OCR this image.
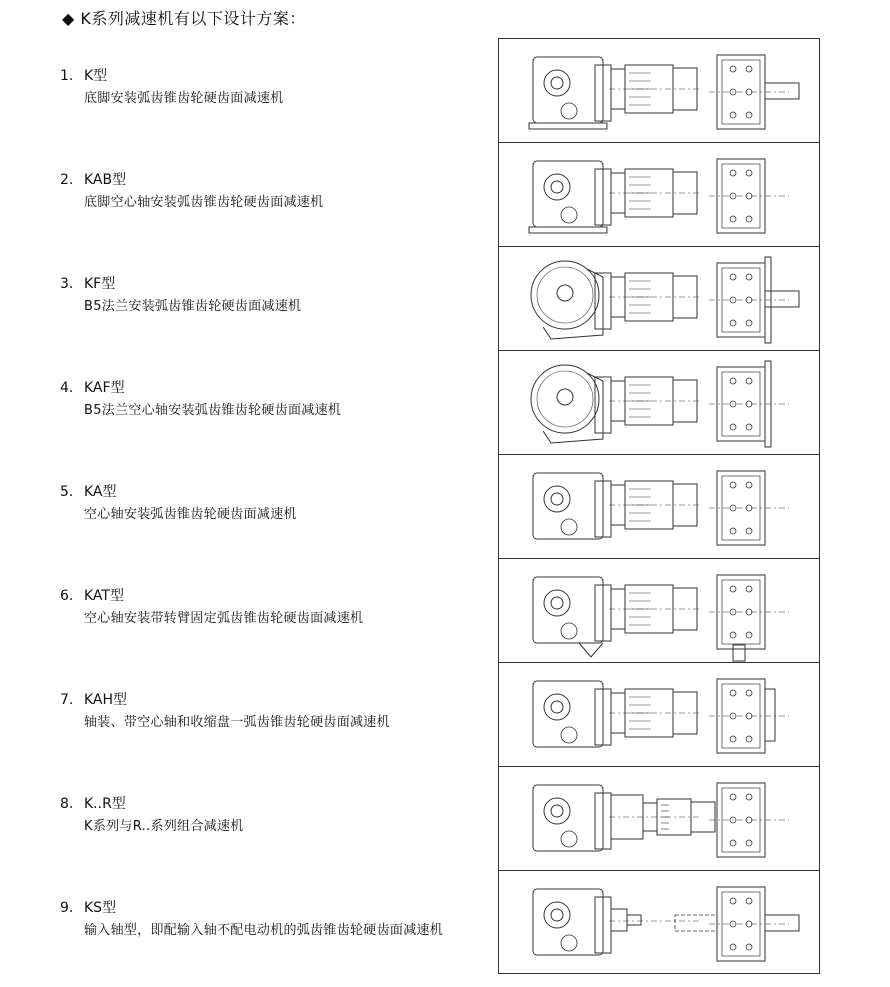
◆ K系列减速机有以下设计方案：
1. K型
底脚安装弧齿锥齿轮硬齿面减速机
2. KAB型
底脚空心轴安装弧齿锥齿轮硬齿面减速机
3. KF型
B5法兰安装弧齿锥齿轮硬齿面减速机
4. KAF型
B5法兰空心轴安装弧齿锥齿轮硬齿面减速机
5. KA型
空心轴安装弧齿锥齿轮硬齿面减速机
6. KAT型
空心轴安装带转臂固定弧齿锥齿轮硬齿面减速机
7. KAH型
轴装、带空心轴和收缩盘一弧齿锥齿轮硬齿面减速机
8. K..R型
K系列与R..系列组合减速机
9. KS型
输入轴型，即配输入轴不配电动机的弧齿锥齿轮硬齿面减速机
